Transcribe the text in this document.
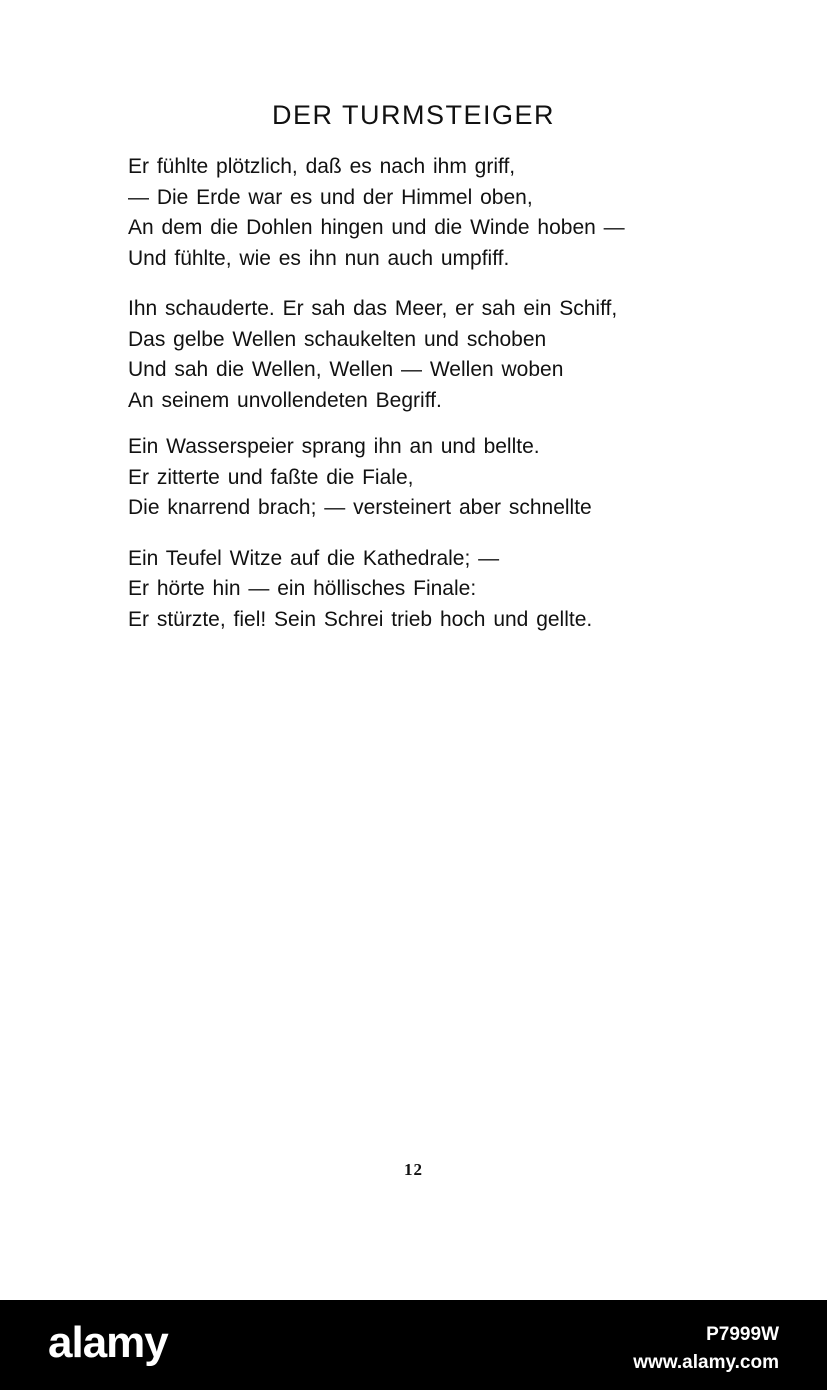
DER TURMSTEIGER
Er fühlte plötzlich, daß es nach ihm griff,
— Die Erde war es und der Himmel oben,
An dem die Dohlen hingen und die Winde hoben —
Und fühlte, wie es ihn nun auch umpfiff.
Ihn schauderte. Er sah das Meer, er sah ein Schiff,
Das gelbe Wellen schaukelten und schoben
Und sah die Wellen, Wellen — Wellen woben
An seinem unvollendeten Begriff.
Ein Wasserspeier sprang ihn an und bellte.
Er zitterte und faßte die Fiale,
Die knarrend brach; — versteinert aber schnellte
Ein Teufel Witze auf die Kathedrale; —
Er hörte hin — ein höllisches Finale:
Er stürzte, fiel! Sein Schrei trieb hoch und gellte.
12
alamy	P7999W
www.alamy.com
